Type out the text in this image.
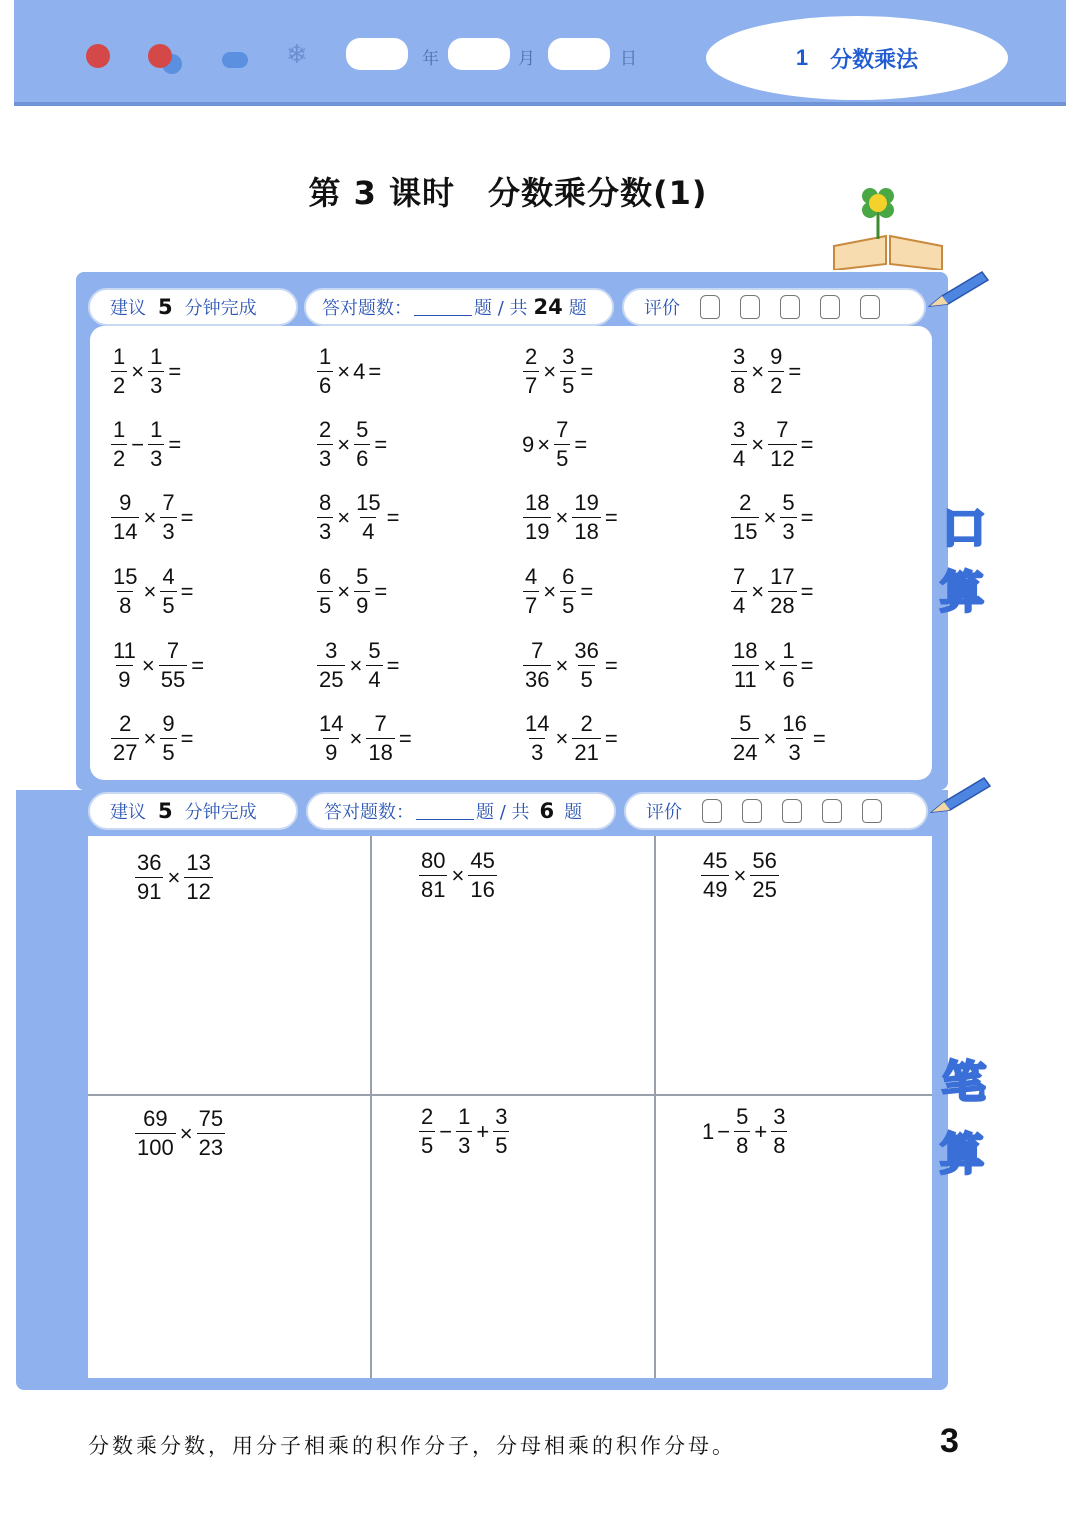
❄	年	月	日	1 分数乘法
第 3 课时　分数乘分数(1)
建议 5 分钟完成	答对题数：	题 / 共 24 题	评价
$\frac{1}{2} \times \frac{1}{3}$ =	$\frac{1}{6} \times 4$ =	$\frac{2}{7} \times \frac{3}{5}$ =	$\frac{3}{8} \times \frac{9}{2}$ =
$\frac{1}{2} - \frac{1}{3}$ =	$\frac{2}{3} \times \frac{5}{6}$ =	$9 \times \frac{7}{5}$ =	$\frac{3}{4} \times \frac{7}{12}$ =
$\frac{9}{14} \times \frac{7}{3}$ =	$\frac{8}{3} \times \frac{15}{4}$ =	$\frac{18}{19} \times \frac{19}{18}$ =	$\frac{2}{15} \times \frac{5}{3}$ =
$\frac{15}{8} \times \frac{4}{5}$ =	$\frac{6}{5} \times \frac{5}{9}$ =	$\frac{4}{7} \times \frac{6}{5}$ =	$\frac{7}{4} \times \frac{17}{28}$ =
$\frac{11}{9} \times \frac{7}{55}$ =	$\frac{3}{25} \times \frac{5}{4}$ =	$\frac{7}{36} \times \frac{36}{5}$ =	$\frac{18}{11} \times \frac{1}{6}$ =
$\frac{2}{27} \times \frac{9}{5}$ =	$\frac{14}{9} \times \frac{7}{18}$ =	$\frac{14}{3} \times \frac{2}{21}$ =	$\frac{5}{24} \times \frac{16}{3}$ =
口
算
建议 5 分钟完成	答对题数：	题 / 共 6 题	评价
$\frac{36}{91} \times \frac{13}{12}$	$\frac{80}{81} \times \frac{45}{16}$	$\frac{45}{49} \times \frac{56}{25}$
$\frac{69}{100} \times \frac{75}{23}$	$\frac{2}{5} - \frac{1}{3} + \frac{3}{5}$	$1 - \frac{5}{8} + \frac{3}{8}$
笔
算
分数乘分数，用分子相乘的积作分子，分母相乘的积作分母。	3
